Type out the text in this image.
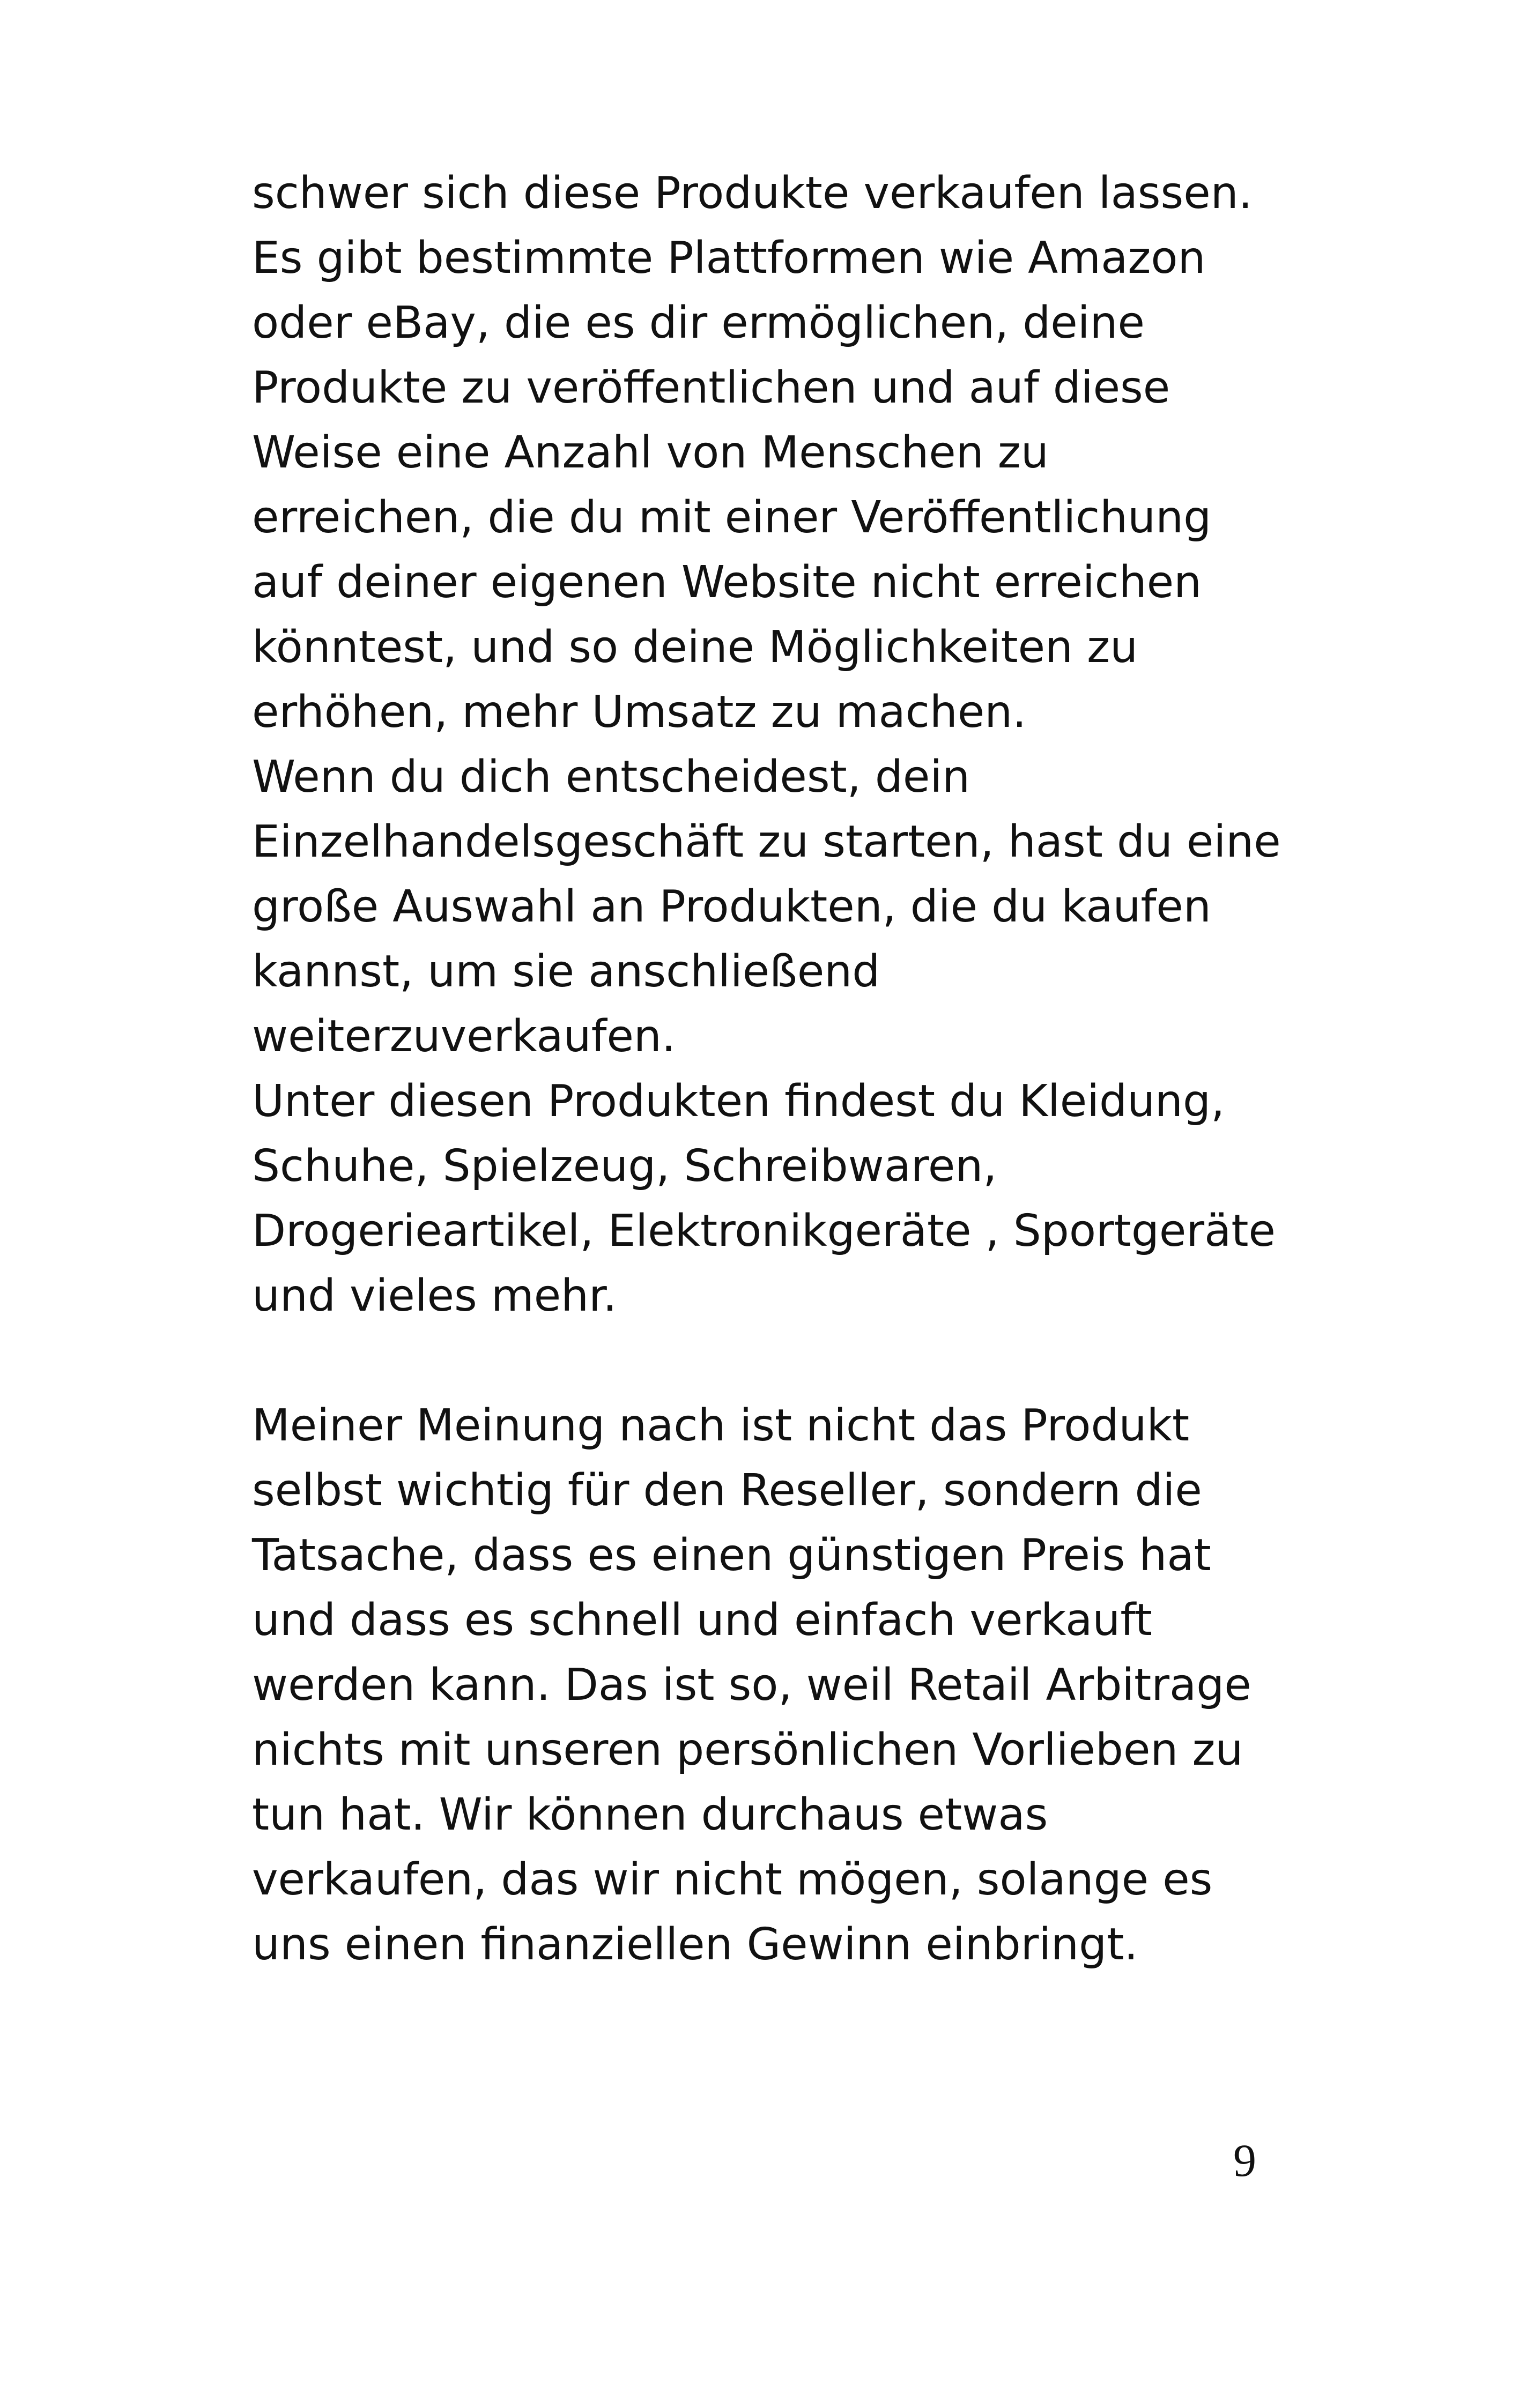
schwer sich diese Produkte verkaufen lassen.
Es gibt bestimmte Plattformen wie Amazon
oder eBay, die es dir ermöglichen, deine
Produkte zu veröffentlichen und auf diese
Weise eine Anzahl von Menschen zu
erreichen, die du mit einer Veröffentlichung
auf deiner eigenen Website nicht erreichen
könntest, und so deine Möglichkeiten zu
erhöhen, mehr Umsatz zu machen.
Wenn du dich entscheidest, dein
Einzelhandelsgeschäft zu starten, hast du eine
große Auswahl an Produkten, die du kaufen
kannst, um sie anschließend
weiterzuverkaufen.
Unter diesen Produkten findest du Kleidung,
Schuhe, Spielzeug, Schreibwaren,
Drogerieartikel, Elektronikgeräte , Sportgeräte
und vieles mehr.
Meiner Meinung nach ist nicht das Produkt
selbst wichtig für den Reseller, sondern die
Tatsache, dass es einen günstigen Preis hat
und dass es schnell und einfach verkauft
werden kann. Das ist so, weil Retail Arbitrage
nichts mit unseren persönlichen Vorlieben zu
tun hat. Wir können durchaus etwas
verkaufen, das wir nicht mögen, solange es
uns einen finanziellen Gewinn einbringt.
9
